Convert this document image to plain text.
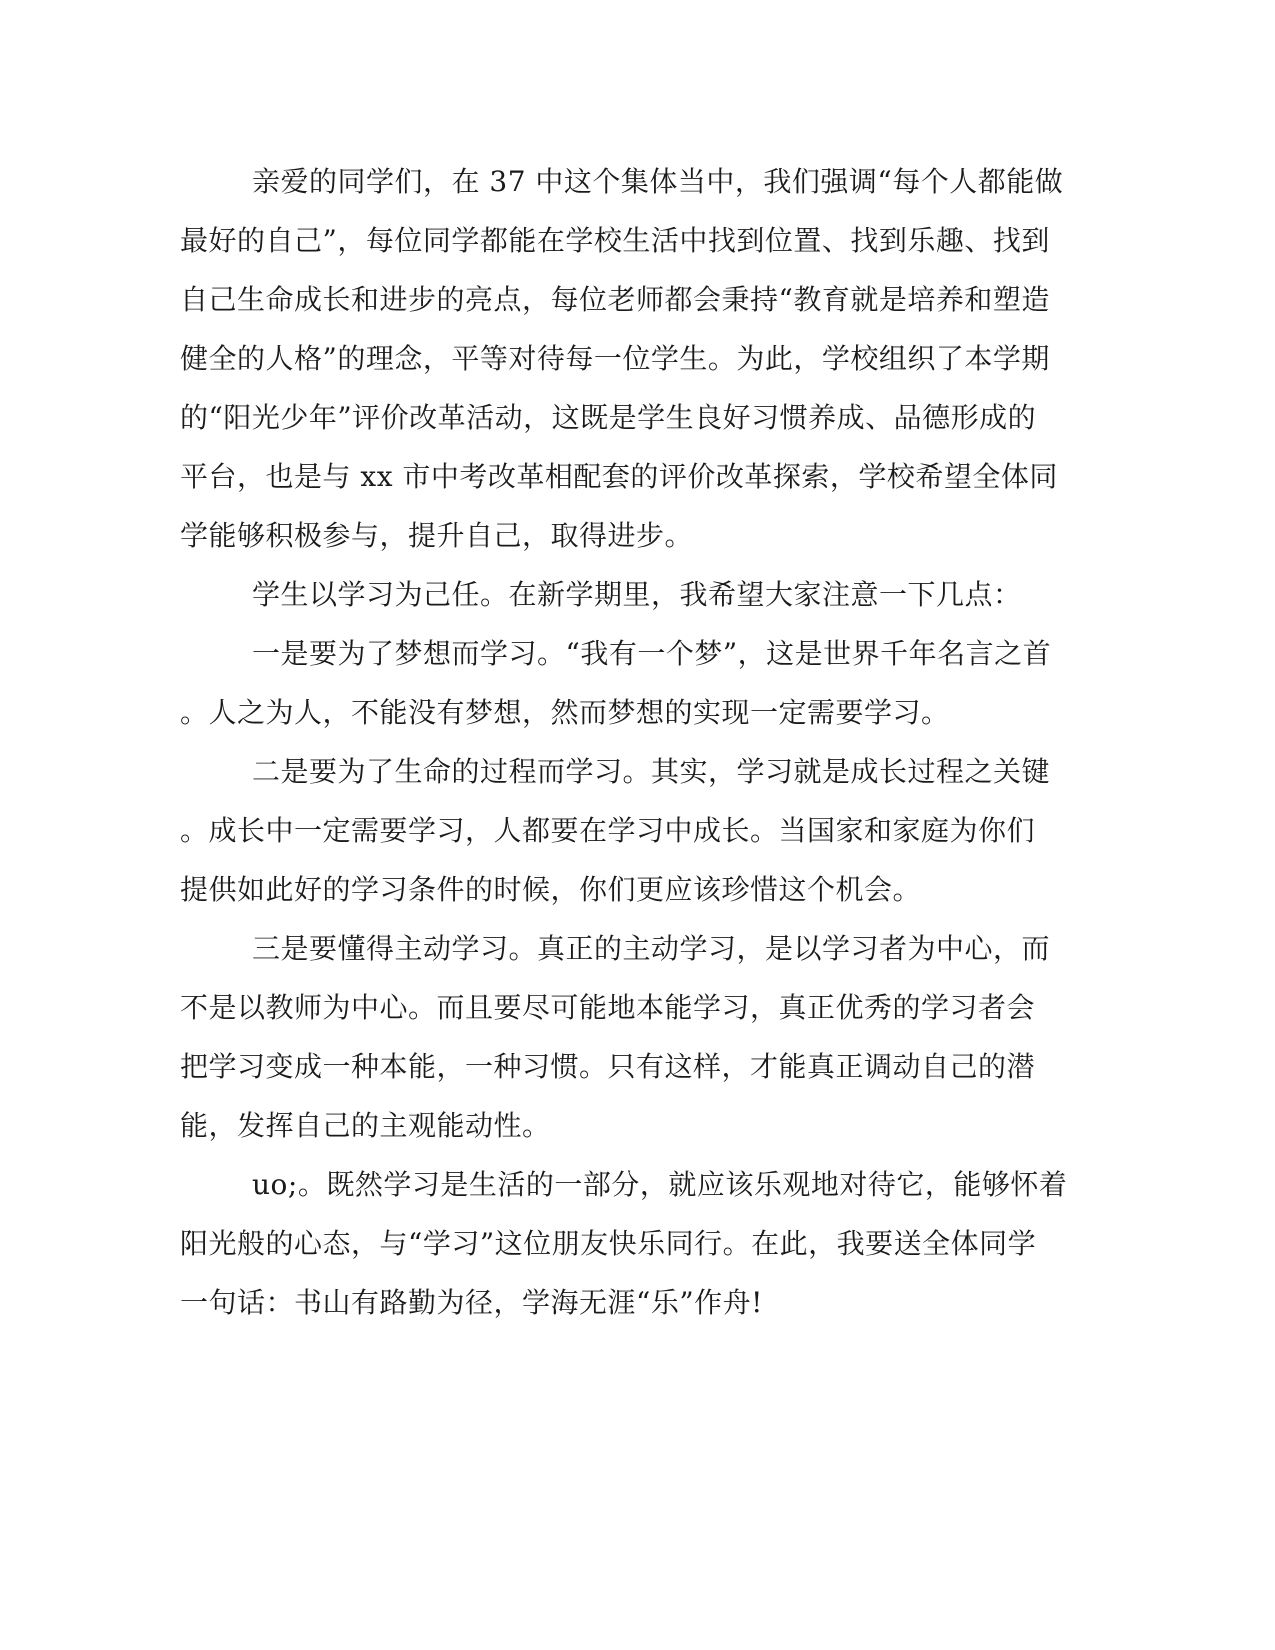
亲爱的同学们，在 37 中这个集体当中，我们强调“每个人都能做
最好的自己”，每位同学都能在学校生活中找到位置、找到乐趣、找到
自己生命成长和进步的亮点，每位老师都会秉持“教育就是培养和塑造
健全的人格”的理念，平等对待每一位学生。为此，学校组织了本学期
的“阳光少年”评价改革活动，这既是学生良好习惯养成、品德形成的
平台，也是与 xx 市中考改革相配套的评价改革探索，学校希望全体同
学能够积极参与，提升自己，取得进步。
学生以学习为己任。在新学期里，我希望大家注意一下几点：
一是要为了梦想而学习。“我有一个梦”，这是世界千年名言之首
。人之为人，不能没有梦想，然而梦想的实现一定需要学习。
二是要为了生命的过程而学习。其实，学习就是成长过程之关键
。成长中一定需要学习，人都要在学习中成长。当国家和家庭为你们
提供如此好的学习条件的时候，你们更应该珍惜这个机会。
三是要懂得主动学习。真正的主动学习，是以学习者为中心，而
不是以教师为中心。而且要尽可能地本能学习，真正优秀的学习者会
把学习变成一种本能，一种习惯。只有这样，才能真正调动自己的潜
能，发挥自己的主观能动性。
uo;。既然学习是生活的一部分，就应该乐观地对待它，能够怀着
阳光般的心态，与“学习”这位朋友快乐同行。在此，我要送全体同学
一句话：书山有路勤为径，学海无涯“乐”作舟!
